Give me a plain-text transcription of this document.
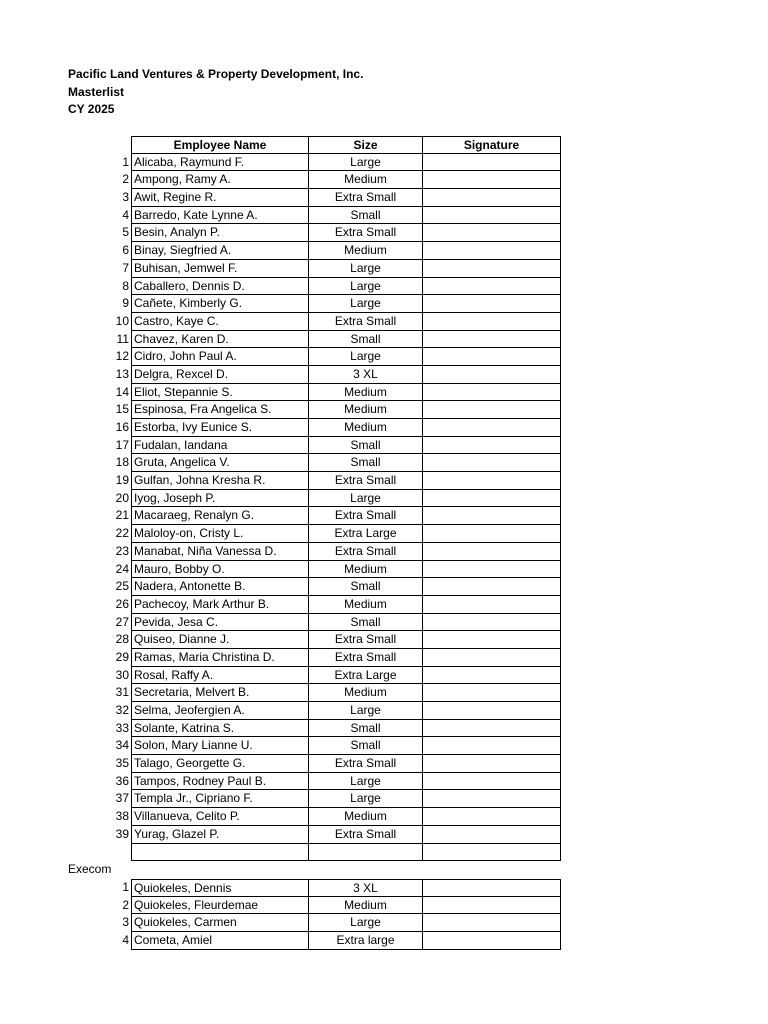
Pacific Land Ventures & Property Development, Inc.
Masterlist
CY 2025
Employee Name	Size	Signature
1 Alicaba, Raymund F.	Large
2 Ampong, Ramy A.	Medium
3 Awit, Regine R.	Extra Small
4 Barredo, Kate Lynne A.	Small
5 Besin, Analyn P.	Extra Small
6 Binay, Siegfried A.	Medium
7 Buhisan, Jemwel F.	Large
8 Caballero, Dennis D.	Large
9 Cañete, Kimberly G.	Large
10 Castro, Kaye C.	Extra Small
11 Chavez, Karen D.	Small
12 Cidro, John Paul A.	Large
13 Delgra, Rexcel D.	3 XL
14 Eliot, Stepannie S.	Medium
15 Espinosa, Fra Angelica S.	Medium
16 Estorba, Ivy Eunice S.	Medium
17 Fudalan, Iandana	Small
18 Gruta, Angelica V.	Small
19 Gulfan, Johna Kresha R.	Extra Small
20 Iyog, Joseph P.	Large
21 Macaraeg, Renalyn G.	Extra Small
22 Maloloy-on, Cristy L.	Extra Large
23 Manabat, Niña Vanessa D.	Extra Small
24 Mauro, Bobby O.	Medium
25 Nadera, Antonette B.	Small
26 Pachecoy, Mark Arthur B.	Medium
27 Pevida, Jesa C.	Small
28 Quiseo, Dianne J.	Extra Small
29 Ramas, Maria Christina D.	Extra Small
30 Rosal, Raffy A.	Extra Large
31 Secretaria, Melvert B.	Medium
32 Selma, Jeofergien A.	Large
33 Solante, Katrina S.	Small
34 Solon, Mary Lianne U.	Small
35 Talago, Georgette G.	Extra Small
36 Tampos, Rodney Paul B.	Large
37 Templa Jr., Cipriano F.	Large
38 Villanueva, Celito P.	Medium
39 Yurag, Glazel P.	Extra Small
Execom
1 Quiokeles, Dennis	3 XL
2 Quiokeles, Fleurdemae	Medium
3 Quiokeles, Carmen	Large
4 Cometa, Amiel	Extra large
